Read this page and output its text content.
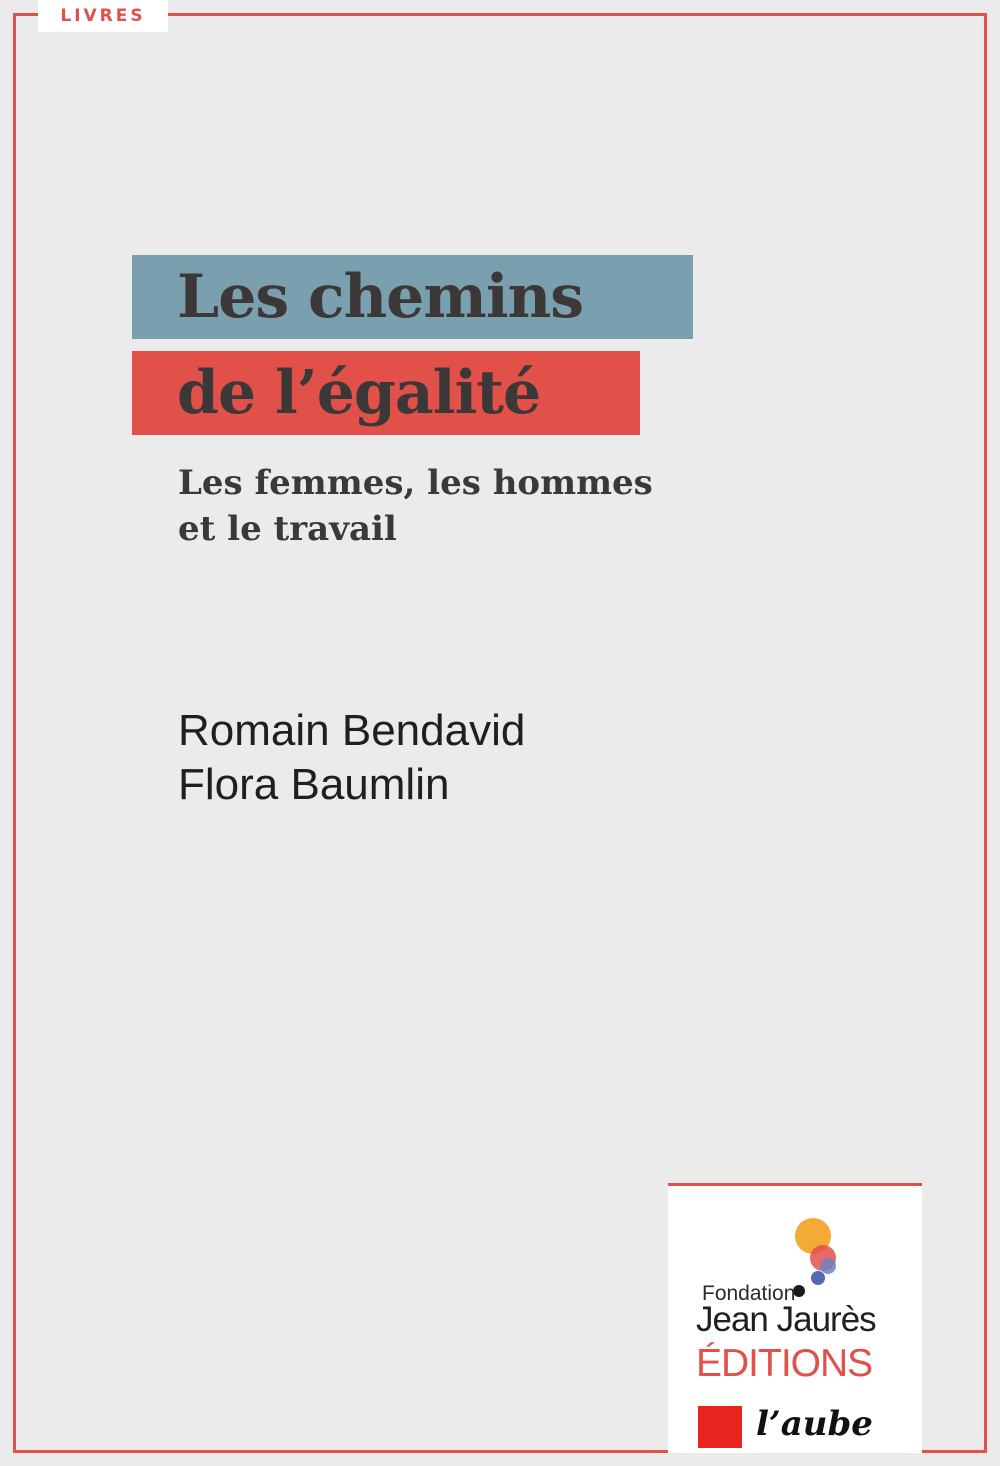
LIVRES
Les chemins
de l’égalité
Les femmes, les hommes
et le travail
Romain Bendavid
Flora Baumlin
Fondation
Jean Jaurès
ÉDITIONS
l’aube
